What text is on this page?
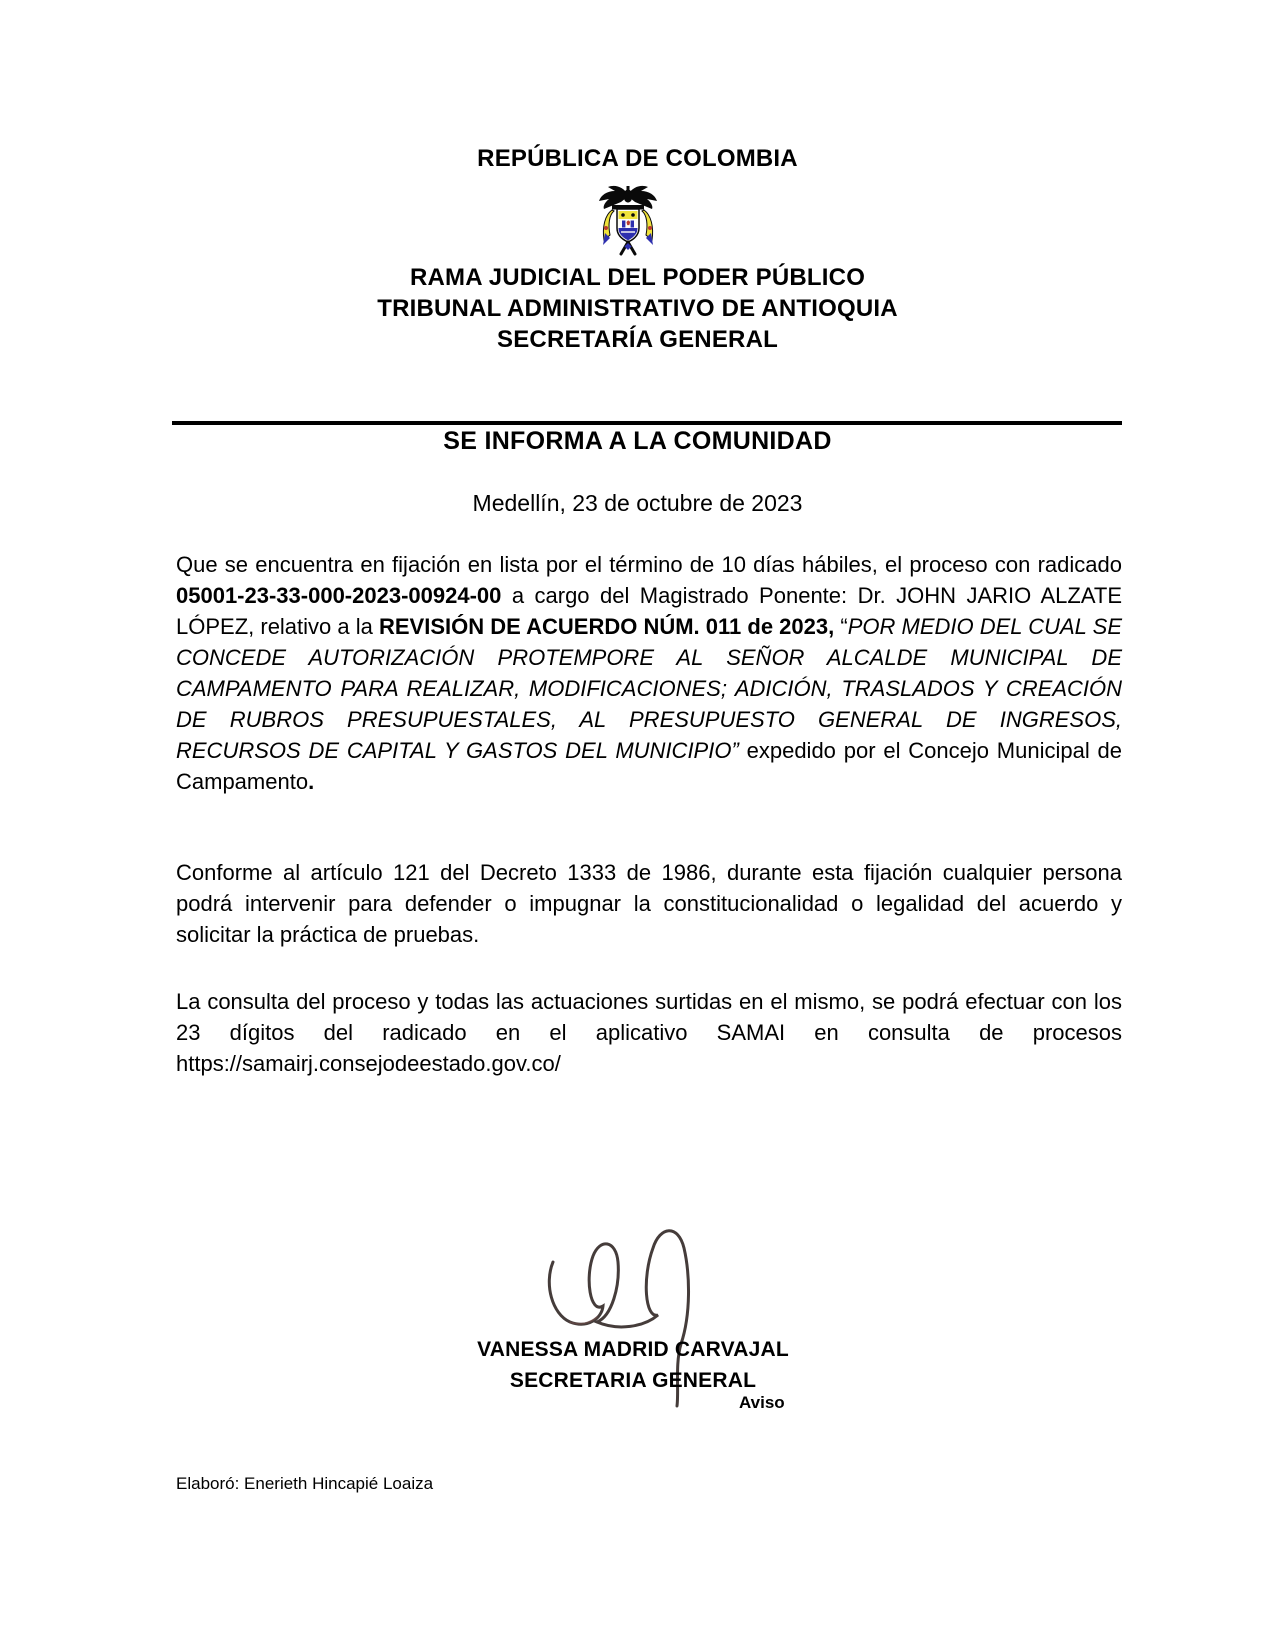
REPÚBLICA DE COLOMBIA
RAMA JUDICIAL DEL PODER PÚBLICO
TRIBUNAL ADMINISTRATIVO DE ANTIOQUIA
SECRETARÍA GENERAL
SE INFORMA A LA COMUNIDAD
Medellín, 23 de octubre de 2023
Que se encuentra en fijación en lista por el término de 10 días hábiles, el proceso con radicado 05001-23-33-000-2023-00924-00 a cargo del Magistrado Ponente: Dr. JOHN JARIO ALZATE LÓPEZ, relativo a la REVISIÓN DE ACUERDO NÚM. 011 de 2023, “POR MEDIO DEL CUAL SE CONCEDE AUTORIZACIÓN PROTEMPORE AL SEÑOR ALCALDE MUNICIPAL DE CAMPAMENTO PARA REALIZAR, MODIFICACIONES; ADICIÓN, TRASLADOS Y CREACIÓN DE RUBROS PRESUPUESTALES, AL PRESUPUESTO GENERAL DE INGRESOS, RECURSOS DE CAPITAL Y GASTOS DEL MUNICIPIO” expedido por el Concejo Municipal de Campamento.
Conforme al artículo 121 del Decreto 1333 de 1986, durante esta fijación cualquier persona podrá intervenir para defender o impugnar la constitucionalidad o legalidad del acuerdo y solicitar la práctica de pruebas.
La consulta del proceso y todas las actuaciones surtidas en el mismo, se podrá efectuar con los 23 dígitos del radicado en el aplicativo SAMAI en consulta de procesos https://samairj.consejodeestado.gov.co/
VANESSA MADRID CARVAJAL
SECRETARIA GENERAL
Aviso
Elaboró: Enerieth Hincapié Loaiza
